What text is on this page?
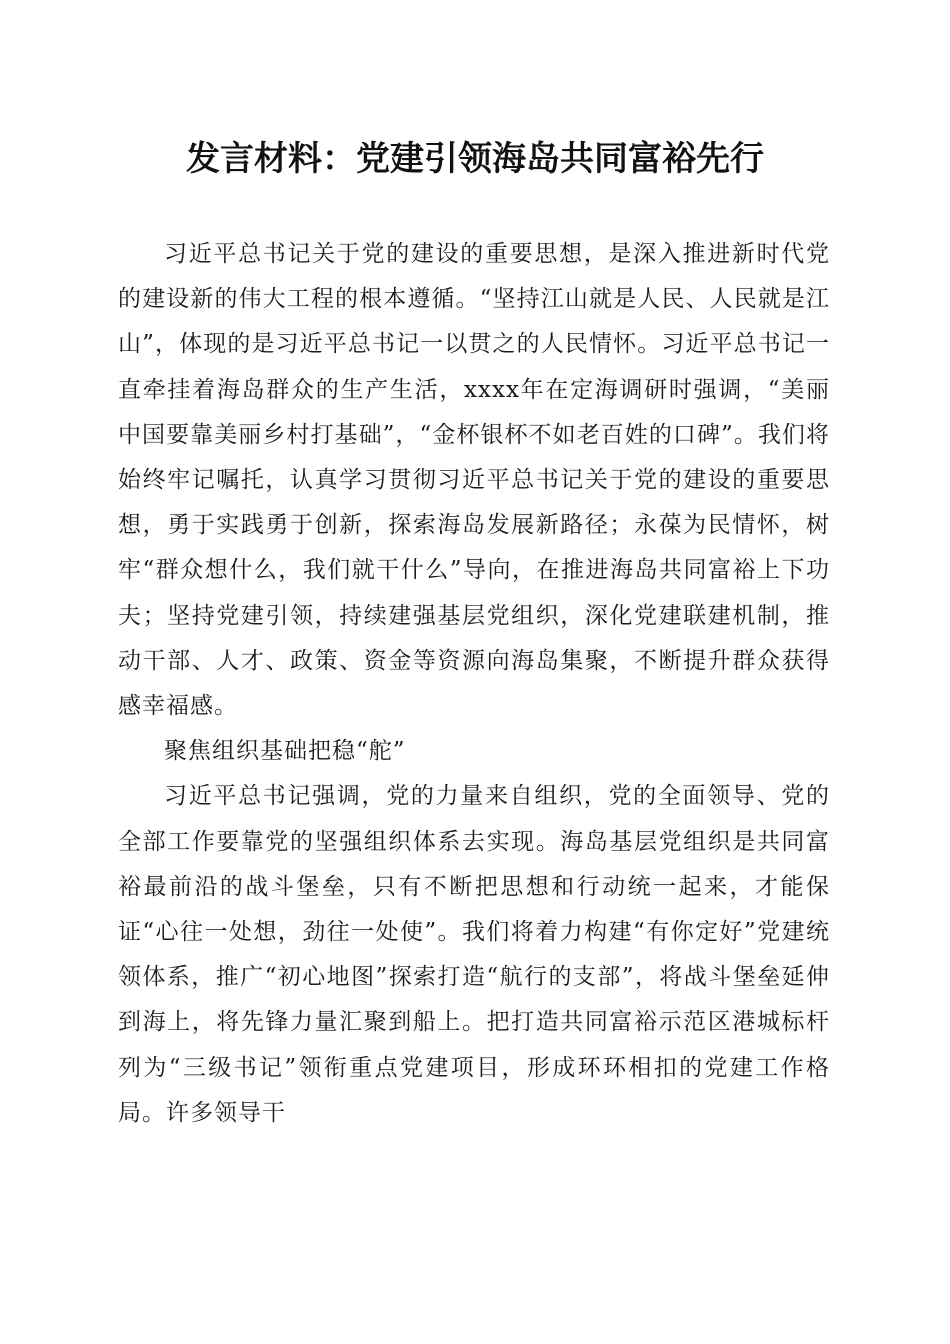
发言材料：党建引领海岛共同富裕先行

习近平总书记关于党的建设的重要思想，是深入推进新时代党的建设新的伟大工程的根本遵循。“坚持江山就是人民、人民就是江山”，体现的是习近平总书记一以贯之的人民情怀。习近平总书记一直牵挂着海岛群众的生产生活，xxxx年在定海调研时强调，“美丽中国要靠美丽乡村打基础”，“金杯银杯不如老百姓的口碑”。我们将始终牢记嘱托，认真学习贯彻习近平总书记关于党的建设的重要思想，勇于实践勇于创新，探索海岛发展新路径；永葆为民情怀，树牢“群众想什么，我们就干什么”导向，在推进海岛共同富裕上下功夫；坚持党建引领，持续建强基层党组织，深化党建联建机制，推动干部、人才、政策、资金等资源向海岛集聚，不断提升群众获得感幸福感。

聚焦组织基础把稳“舵”

习近平总书记强调，党的力量来自组织，党的全面领导、党的全部工作要靠党的坚强组织体系去实现。海岛基层党组织是共同富裕最前沿的战斗堡垒，只有不断把思想和行动统一起来，才能保证“心往一处想，劲往一处使”。我们将着力构建“有你定好”党建统领体系，推广“初心地图”探索打造“航行的支部”，将战斗堡垒延伸到海上，将先锋力量汇聚到船上。把打造共同富裕示范区港城标杆列为“三级书记”领衔重点党建项目，形成环环相扣的党建工作格局。许多领导干
